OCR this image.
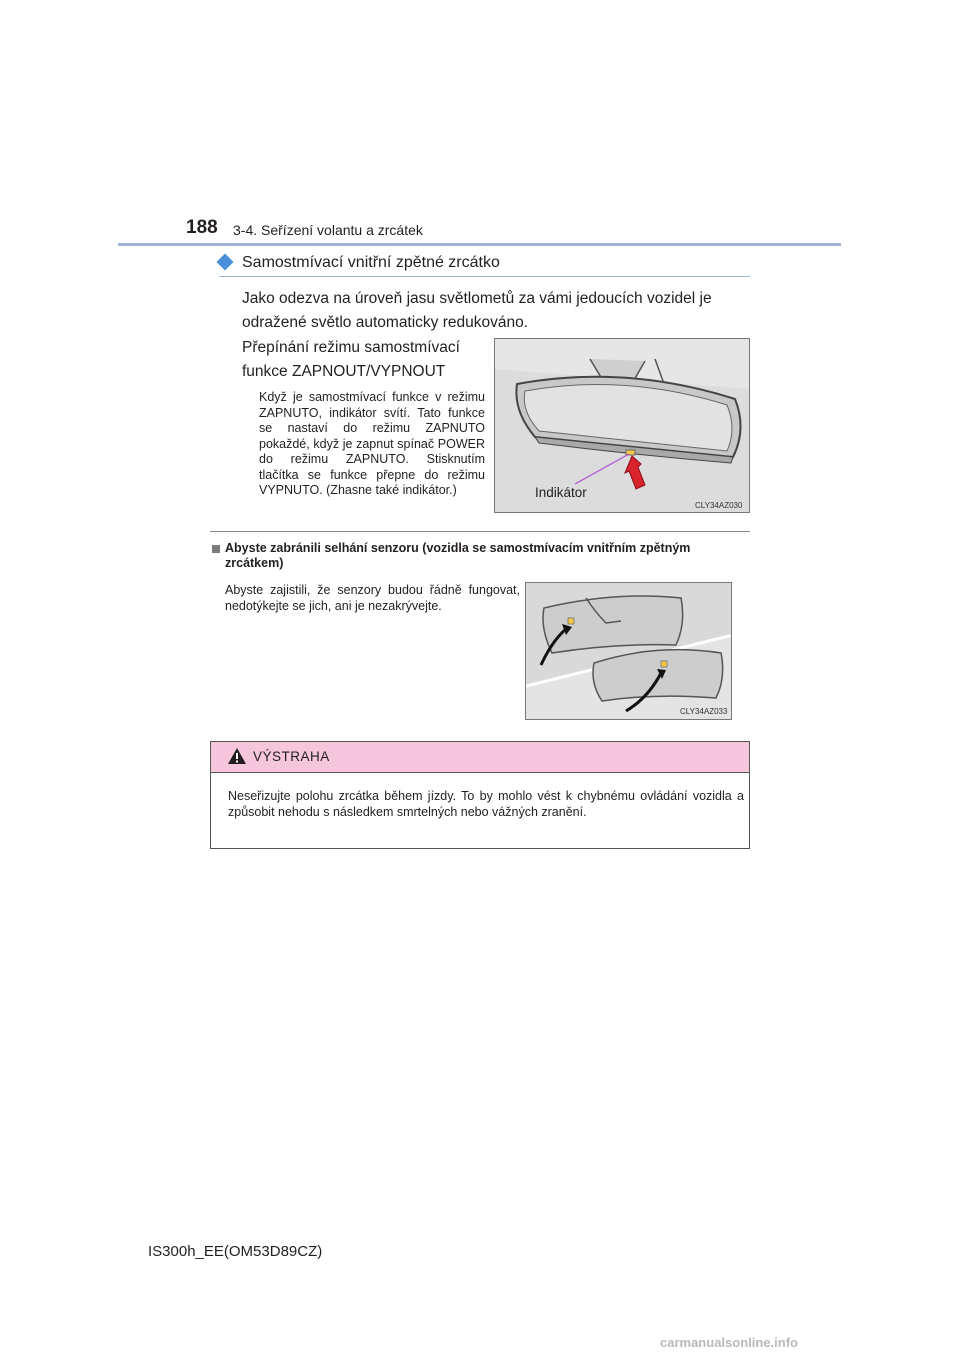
188 3-4. Seřízení volantu a zrcátek
Samostmívací vnitřní zpětné zrcátko
Jako odezva na úroveň jasu světlometů za vámi jedoucích vozidel je odražené světlo automaticky redukováno.
Přepínání režimu samostmívací funkce ZAPNOUT/VYPNOUT
Když je samostmívací funkce v režimu ZAPNUTO, indikátor svítí. Tato funkce se nastaví do režimu ZAPNUTO pokaždé, když je zapnut spínač POWER do režimu ZAPNUTO. Stisknutím tlačítka se funkce přepne do režimu VYPNUTO. (Zhasne také indikátor.)	Indikátor
CLY34AZ030
Abyste zabránili selhání senzoru (vozidla se samostmívacím vnitřním zpětným zrcátkem)
Abyste zajistili, že senzory budou řádně fungovat, nedotýkejte se jich, ani je nezakrývejte.
CLY34AZ033
VÝSTRAHA
Neseřizujte polohu zrcátka během jízdy. To by mohlo vést k chybnému ovládání vozidla a způsobit nehodu s následkem smrtelných nebo vážných zranění.
IS300h_EE(OM53D89CZ)
carmanualsonline.info
